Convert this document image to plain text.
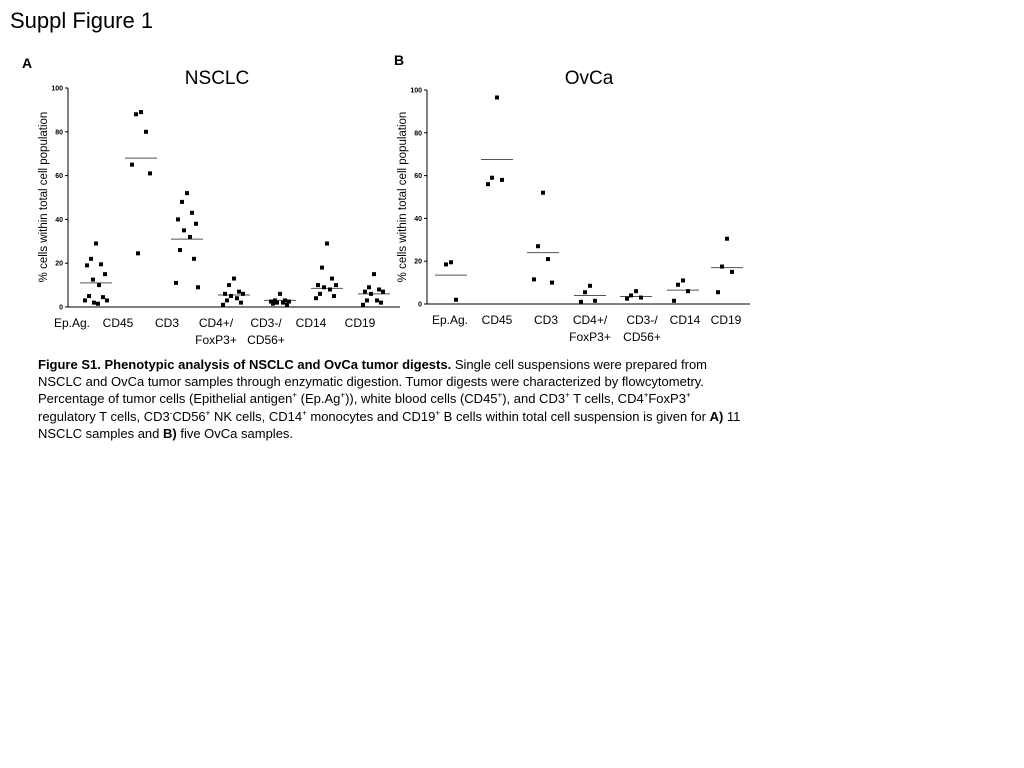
Suppl Figure 1
A	B
NSCLC
% cells within total cell population
0
20
40
60
80
100
Ep.Ag. CD45 CD3 CD4+/
FoxP3+
CD3-/
CD56+
CD14 CD19
OvCa
% cells within total cell population
0
20
40
60
80
100
Ep.Ag. CD45 CD3 CD4+/
FoxP3+
CD3-/
CD56+
CD14 CD19
Figure S1. Phenotypic analysis of NSCLC and OvCa tumor digests. Single cell suspensions were prepared from NSCLC and OvCa tumor samples through enzymatic digestion. Tumor digests were characterized by flowcytometry. Percentage of tumor cells (Epithelial antigen+ (Ep.Ag+)), white blood cells (CD45+), and CD3+ T cells, CD4+FoxP3+ regulatory T cells, CD3-CD56+ NK cells, CD14+ monocytes and CD19+ B cells within total cell suspension is given for A) 11 NSCLC samples and B) five OvCa samples.
